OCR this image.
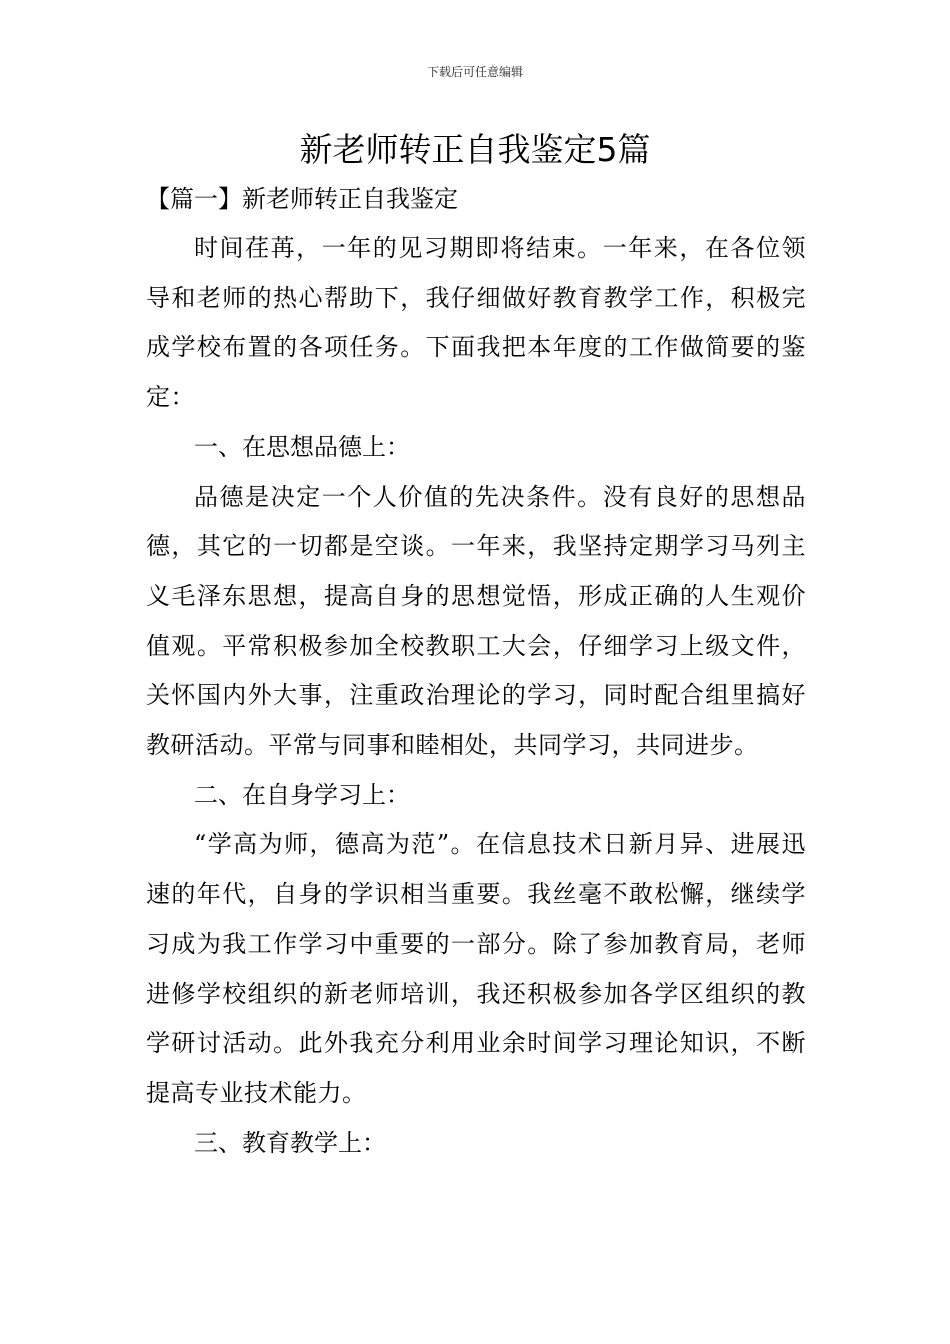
下载后可任意编辑
新老师转正自我鉴定5篇

【篇一】新老师转正自我鉴定

时间荏苒，一年的见习期即将结束。一年来，在各位领导和老师的热心帮助下，我仔细做好教育教学工作，积极完成学校布置的各项任务。下面我把本年度的工作做简要的鉴定：

一、在思想品德上：

品德是决定一个人价值的先决条件。没有良好的思想品德，其它的一切都是空谈。一年来，我坚持定期学习马列主义毛泽东思想，提高自身的思想觉悟，形成正确的人生观价值观。平常积极参加全校教职工大会，仔细学习上级文件，关怀国内外大事，注重政治理论的学习，同时配合组里搞好教研活动。平常与同事和睦相处，共同学习，共同进步。

二、在自身学习上：

“学高为师，德高为范”。在信息技术日新月异、进展迅速的年代，自身的学识相当重要。我丝毫不敢松懈，继续学习成为我工作学习中重要的一部分。除了参加教育局，老师进修学校组织的新老师培训，我还积极参加各学区组织的教学研讨活动。此外我充分利用业余时间学习理论知识，不断提高专业技术能力。

三、教育教学上：
